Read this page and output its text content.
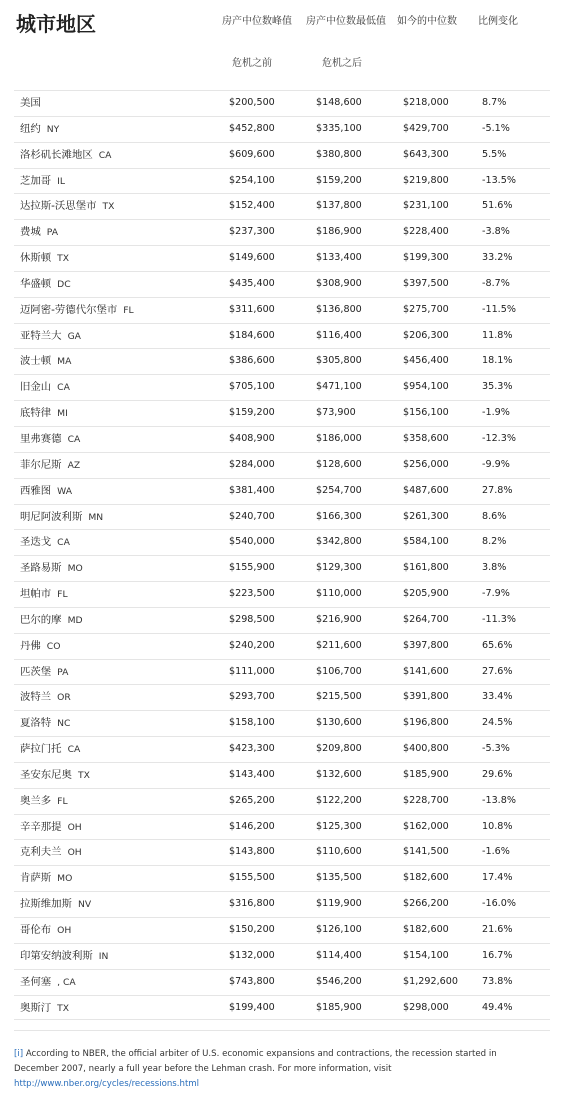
城市地区	房产中位数峰值 房产中位数最低值 如今的中位数 比例变化
危机之前	危机之后
美国	$200,500	$148,600	$218,000	8.7%
纽约 NY	$452,800	$335,100	$429,700	-5.1%
洛杉矶长滩地区 CA	$609,600	$380,800	$643,300	5.5%
芝加哥 IL	$254,100	$159,200	$219,800	-13.5%
达拉斯-沃思堡市 TX	$152,400	$137,800	$231,100	51.6%
费城 PA	$237,300	$186,900	$228,400	-3.8%
休斯顿 TX	$149,600	$133,400	$199,300	33.2%
华盛顿 DC	$435,400	$308,900	$397,500	-8.7%
迈阿密-劳德代尔堡市 FL	$311,600	$136,800	$275,700	-11.5%
亚特兰大 GA	$184,600	$116,400	$206,300	11.8%
波士顿 MA	$386,600	$305,800	$456,400	18.1%
旧金山 CA	$705,100	$471,100	$954,100	35.3%
底特律 MI	$159,200	$73,900	$156,100	-1.9%
里弗赛德 CA	$408,900	$186,000	$358,600	-12.3%
菲尔尼斯 AZ	$284,000	$128,600	$256,000	-9.9%
西雅图 WA	$381,400	$254,700	$487,600	27.8%
明尼阿波利斯 MN	$240,700	$166,300	$261,300	8.6%
圣迭戈 CA	$540,000	$342,800	$584,100	8.2%
圣路易斯 MO	$155,900	$129,300	$161,800	3.8%
坦帕市 FL	$223,500	$110,000	$205,900	-7.9%
巴尔的摩 MD	$298,500	$216,900	$264,700	-11.3%
丹佛 CO	$240,200	$211,600	$397,800	65.6%
匹茨堡 PA	$111,000	$106,700	$141,600	27.6%
波特兰 OR	$293,700	$215,500	$391,800	33.4%
夏洛特 NC	$158,100	$130,600	$196,800	24.5%
萨拉门托 CA	$423,300	$209,800	$400,800	-5.3%
圣安东尼奥 TX	$143,400	$132,600	$185,900	29.6%
奥兰多 FL	$265,200	$122,200	$228,700	-13.8%
辛辛那提 OH	$146,200	$125,300	$162,000	10.8%
克利夫兰 OH	$143,800	$110,600	$141,500	-1.6%
肯萨斯 MO	$155,500	$135,500	$182,600	17.4%
拉斯维加斯 NV	$316,800	$119,900	$266,200	-16.0%
哥伦布 OH	$150,200	$126,100	$182,600	21.6%
印第安纳波利斯 IN	$132,000	$114,400	$154,100	16.7%
圣何塞 , CA	$743,800	$546,200	$1,292,600	73.8%
奥斯汀 TX	$199,400	$185,900	$298,000	49.4%
[i] According to NBER, the official arbiter of U.S. economic expansions and contractions, the recession started in December 2007, nearly a full year before the Lehman crash. For more information, visit
http://www.nber.org/cycles/recessions.html
